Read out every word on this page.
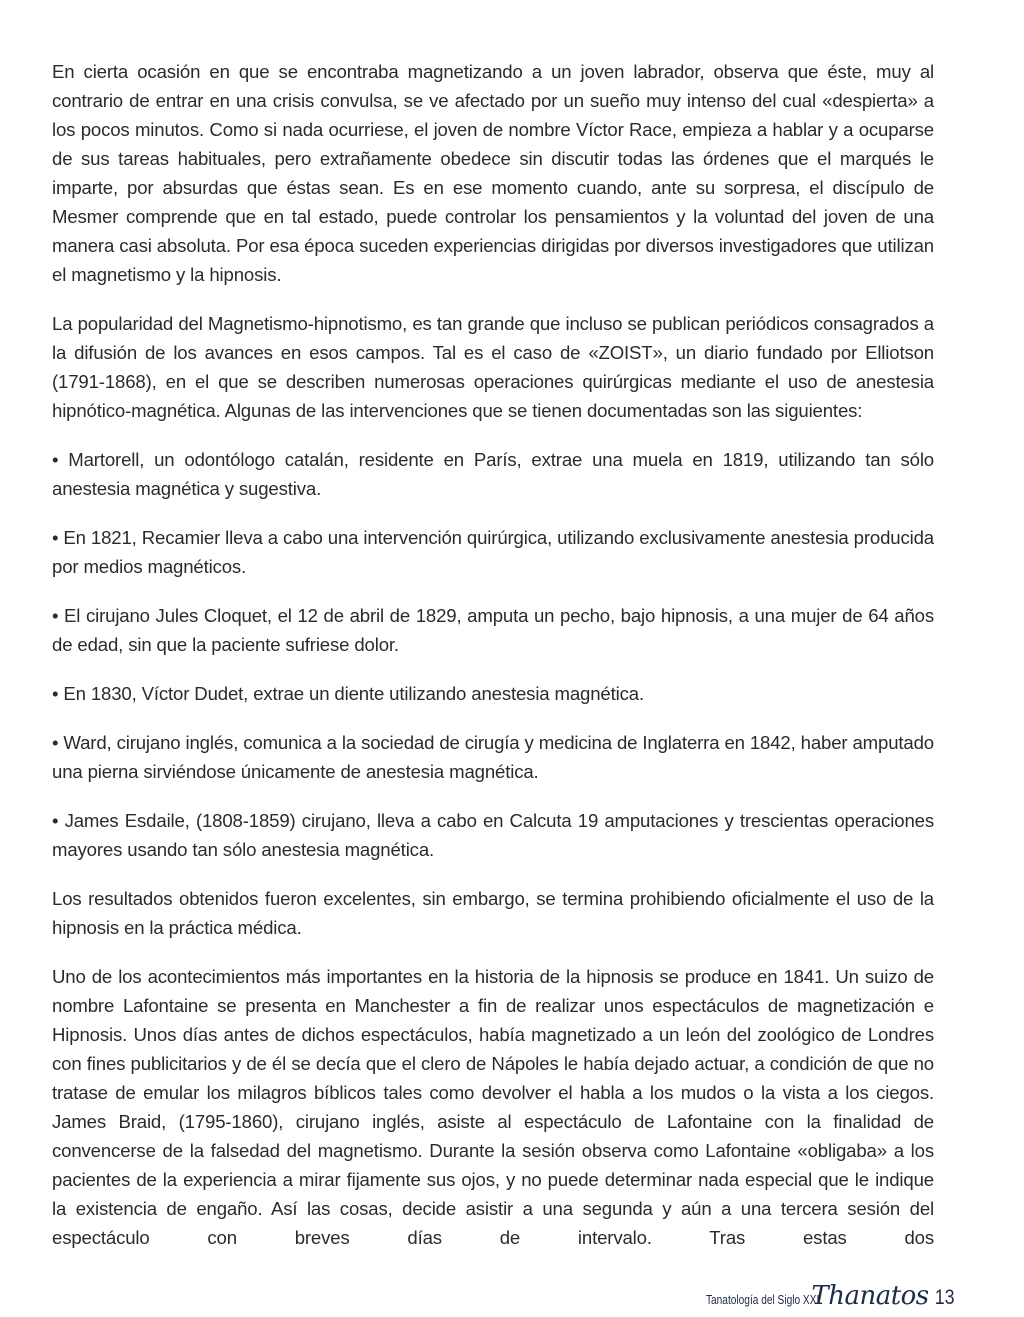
En cierta ocasión en que se encontraba magnetizando a un joven labrador, observa que éste, muy al contrario de entrar en una crisis convulsa, se ve afectado por un sueño muy intenso del cual «despierta» a los pocos minutos. Como si nada ocurriese, el joven de nombre Víctor Race, empieza a hablar y a ocuparse de sus tareas habituales, pero extrañamente obedece sin discutir todas las órdenes que el marqués le imparte, por absurdas que éstas sean. Es en ese momento cuando, ante su sorpresa, el discípulo de Mesmer comprende que en tal estado, puede controlar los pensamientos y la voluntad del joven de una manera casi absoluta. Por esa época suceden experiencias dirigidas por diversos investigadores que utilizan el magnetismo y la hipnosis.

La popularidad del Magnetismo-hipnotismo, es tan grande que incluso se publican periódicos consagrados a la difusión de los avances en esos campos. Tal es el caso de «ZOIST», un diario fundado por Elliotson (1791-1868), en el que se describen numerosas operaciones quirúrgicas mediante el uso de anestesia hipnótico-magnética. Algunas de las intervenciones que se tienen documentadas son las siguientes:

• Martorell, un odontólogo catalán, residente en París, extrae una muela en 1819, utilizando tan sólo anestesia magnética y sugestiva.

• En 1821, Recamier lleva a cabo una intervención quirúrgica, utilizando exclusivamente anestesia producida por medios magnéticos.

• El cirujano Jules Cloquet, el 12 de abril de 1829, amputa un pecho, bajo hipnosis, a una mujer de 64 años de edad, sin que la paciente sufriese dolor.

• En 1830, Víctor Dudet, extrae un diente utilizando anestesia magnética.

• Ward, cirujano inglés, comunica a la sociedad de cirugía y medicina de Inglaterra en 1842, haber amputado una pierna sirviéndose únicamente de anestesia magnética.

• James Esdaile, (1808-1859) cirujano, lleva a cabo en Calcuta 19 amputaciones y trescientas operaciones mayores usando tan sólo anestesia magnética.

Los resultados obtenidos fueron excelentes, sin embargo, se termina prohibiendo oficialmente el uso de la hipnosis en la práctica médica.

Uno de los acontecimientos más importantes en la historia de la hipnosis se produce en 1841. Un suizo de nombre Lafontaine se presenta en Manchester a fin de realizar unos espectáculos de magnetización e Hipnosis. Unos días antes de dichos espectáculos, había magnetizado a un león del zoológico de Londres con fines publicitarios y de él se decía que el clero de Nápoles le había dejado actuar, a condición de que no tratase de emular los milagros bíblicos tales como devolver el habla a los mudos o la vista a los ciegos. James Braid, (1795-1860), cirujano inglés, asiste al espectáculo de Lafontaine con la finalidad de convencerse de la falsedad del magnetismo. Durante la sesión observa como Lafontaine «obligaba» a los pacientes de la experiencia a mirar fijamente sus ojos, y no puede determinar nada especial que le indique la existencia de engaño. Así las cosas, decide asistir a una segunda y aún a una tercera sesión del espectáculo con breves días de intervalo. Tras estas dos

Tanatología del Siglo XXI
Thanatos 13
